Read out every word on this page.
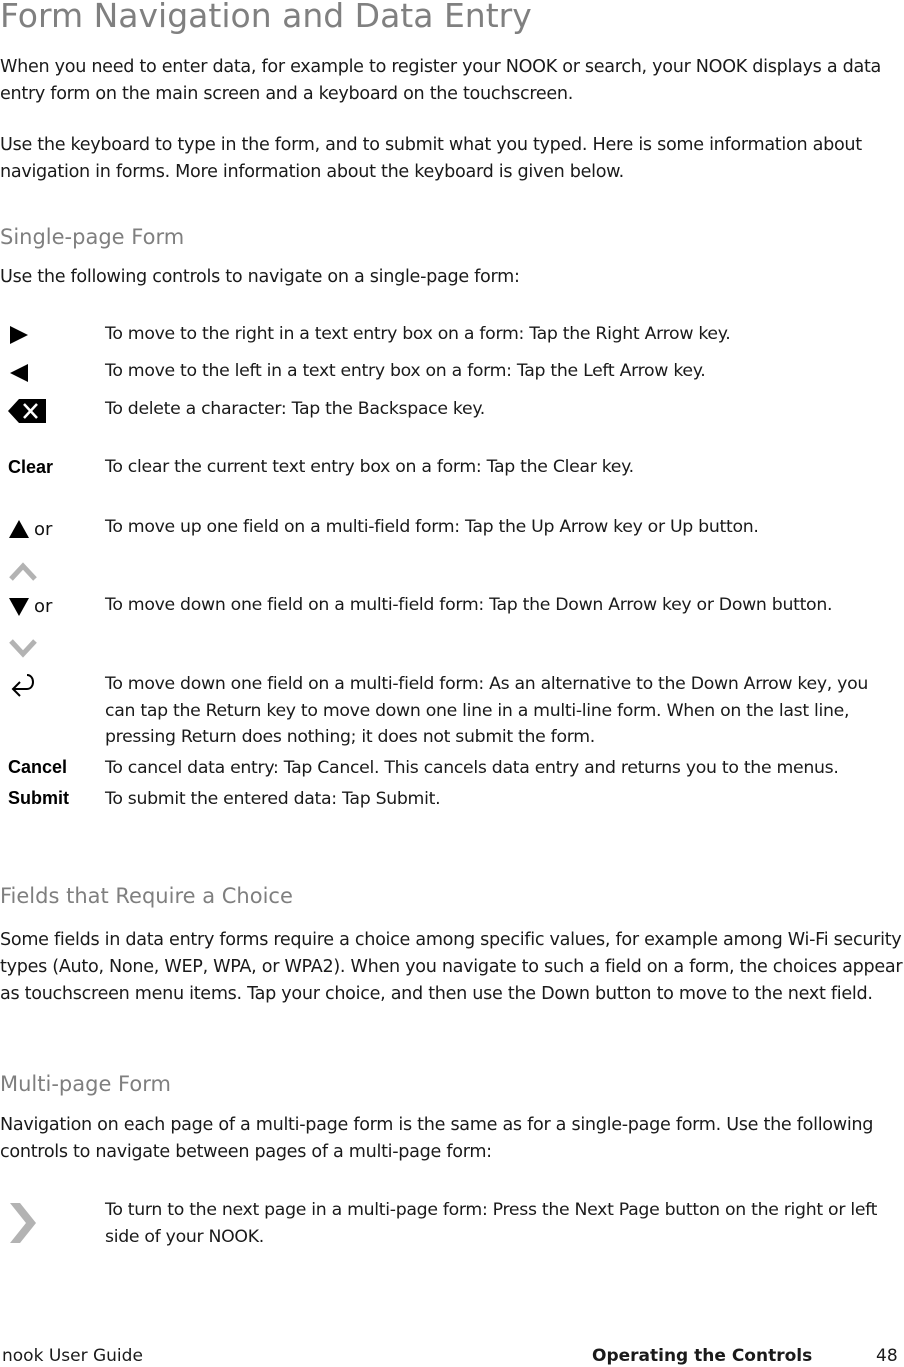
Form Navigation and Data Entry

When you need to enter data, for example to register your NOOK or search, your NOOK displays a data entry form on the main screen and a keyboard on the touchscreen.

Use the keyboard to type in the form, and to submit what you typed. Here is some information about navigation in forms. More information about the keyboard is given below.

Single-page Form

Use the following controls to navigate on a single-page form:

To move to the right in a text entry box on a form: Tap the Right Arrow key.

To move to the left in a text entry box on a form: Tap the Left Arrow key.

To delete a character: Tap the Backspace key.

Clear	To clear the current text entry box on a form: Tap the Clear key.

or	To move up one field on a multi-field form: Tap the Up Arrow key or Up button.

or	To move down one field on a multi-field form: Tap the Down Arrow key or Down button.

To move down one field on a multi-field form: As an alternative to the Down Arrow key, you can tap the Return key to move down one line in a multi-line form. When on the last line, pressing Return does nothing; it does not submit the form.

Cancel To cancel data entry: Tap Cancel. This cancels data entry and returns you to the menus.

Submit To submit the entered data: Tap Submit.

Fields that Require a Choice

Some fields in data entry forms require a choice among specific values, for example among Wi-Fi security types (Auto, None, WEP, WPA, or WPA2). When you navigate to such a field on a form, the choices appear as touchscreen menu items. Tap your choice, and then use the Down button to move to the next field.

Multi-page Form

Navigation on each page of a multi-page form is the same as for a single-page form. Use the following controls to navigate between pages of a multi-page form:

To turn to the next page in a multi-page form: Press the Next Page button on the right or left side of your NOOK.

nook User Guide	Operating the Controls	48
